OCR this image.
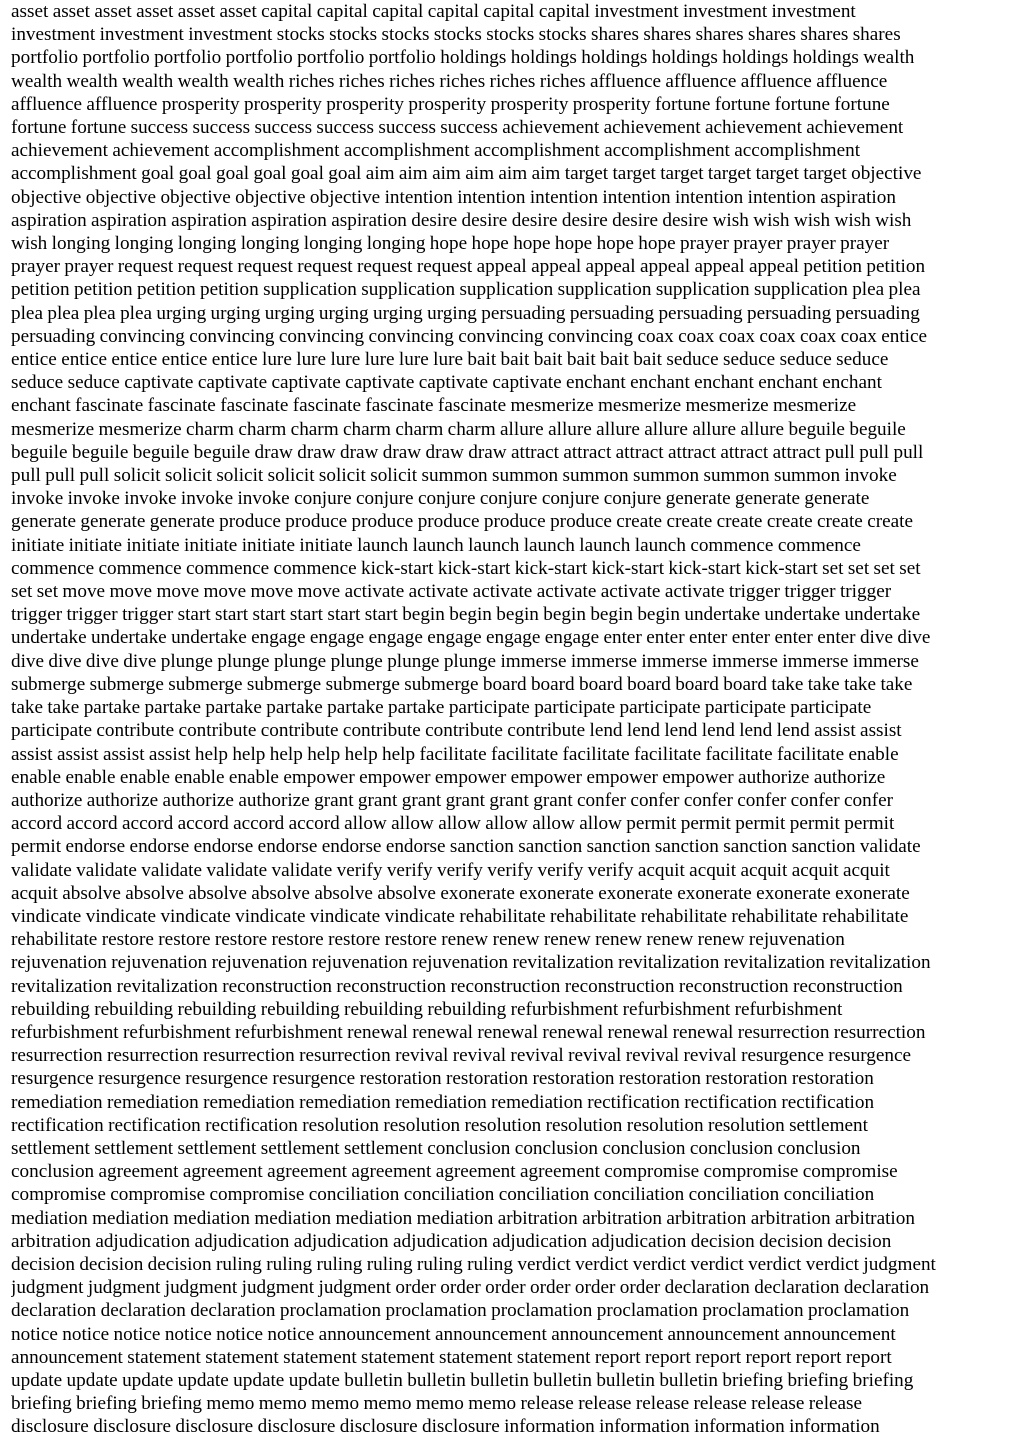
asset asset asset asset asset asset capital capital capital capital capital capital investment investment investment
investment investment investment stocks stocks stocks stocks stocks stocks shares shares shares shares shares shares
portfolio portfolio portfolio portfolio portfolio portfolio holdings holdings holdings holdings holdings holdings wealth
wealth wealth wealth wealth wealth riches riches riches riches riches riches affluence affluence affluence affluence
affluence affluence prosperity prosperity prosperity prosperity prosperity prosperity fortune fortune fortune fortune
fortune fortune success success success success success success achievement achievement achievement achievement
achievement achievement accomplishment accomplishment accomplishment accomplishment accomplishment
accomplishment goal goal goal goal goal goal aim aim aim aim aim aim target target target target target target objective
objective objective objective objective objective intention intention intention intention intention intention aspiration
aspiration aspiration aspiration aspiration aspiration desire desire desire desire desire desire wish wish wish wish wish
wish longing longing longing longing longing longing hope hope hope hope hope hope prayer prayer prayer prayer
prayer prayer request request request request request request appeal appeal appeal appeal appeal appeal petition petition
petition petition petition petition supplication supplication supplication supplication supplication supplication plea plea
plea plea plea plea urging urging urging urging urging urging persuading persuading persuading persuading persuading
persuading convincing convincing convincing convincing convincing convincing coax coax coax coax coax coax entice
entice entice entice entice entice lure lure lure lure lure lure bait bait bait bait bait bait seduce seduce seduce seduce
seduce seduce captivate captivate captivate captivate captivate captivate enchant enchant enchant enchant enchant
enchant fascinate fascinate fascinate fascinate fascinate fascinate mesmerize mesmerize mesmerize mesmerize
mesmerize mesmerize charm charm charm charm charm charm allure allure allure allure allure allure beguile beguile
beguile beguile beguile beguile draw draw draw draw draw draw attract attract attract attract attract attract pull pull pull
pull pull pull solicit solicit solicit solicit solicit solicit summon summon summon summon summon summon invoke
invoke invoke invoke invoke invoke conjure conjure conjure conjure conjure conjure generate generate generate
generate generate generate produce produce produce produce produce produce create create create create create create
initiate initiate initiate initiate initiate initiate launch launch launch launch launch launch commence commence
commence commence commence commence kick-start kick-start kick-start kick-start kick-start kick-start set set set set
set set move move move move move move activate activate activate activate activate activate trigger trigger trigger
trigger trigger trigger start start start start start start begin begin begin begin begin begin undertake undertake undertake
undertake undertake undertake engage engage engage engage engage engage enter enter enter enter enter enter dive dive
dive dive dive dive plunge plunge plunge plunge plunge plunge immerse immerse immerse immerse immerse immerse
submerge submerge submerge submerge submerge submerge board board board board board board take take take take
take take partake partake partake partake partake partake participate participate participate participate participate
participate contribute contribute contribute contribute contribute contribute lend lend lend lend lend lend assist assist
assist assist assist assist help help help help help help facilitate facilitate facilitate facilitate facilitate facilitate enable
enable enable enable enable enable empower empower empower empower empower empower authorize authorize
authorize authorize authorize authorize grant grant grant grant grant grant confer confer confer confer confer confer
accord accord accord accord accord accord allow allow allow allow allow allow permit permit permit permit permit
permit endorse endorse endorse endorse endorse endorse sanction sanction sanction sanction sanction sanction validate
validate validate validate validate validate verify verify verify verify verify verify acquit acquit acquit acquit acquit
acquit absolve absolve absolve absolve absolve absolve exonerate exonerate exonerate exonerate exonerate exonerate
vindicate vindicate vindicate vindicate vindicate vindicate rehabilitate rehabilitate rehabilitate rehabilitate rehabilitate
rehabilitate restore restore restore restore restore restore renew renew renew renew renew renew rejuvenation
rejuvenation rejuvenation rejuvenation rejuvenation rejuvenation revitalization revitalization revitalization revitalization
revitalization revitalization reconstruction reconstruction reconstruction reconstruction reconstruction reconstruction
rebuilding rebuilding rebuilding rebuilding rebuilding rebuilding refurbishment refurbishment refurbishment
refurbishment refurbishment refurbishment renewal renewal renewal renewal renewal renewal resurrection resurrection
resurrection resurrection resurrection resurrection revival revival revival revival revival revival resurgence resurgence
resurgence resurgence resurgence resurgence restoration restoration restoration restoration restoration restoration
remediation remediation remediation remediation remediation remediation rectification rectification rectification
rectification rectification rectification resolution resolution resolution resolution resolution resolution settlement
settlement settlement settlement settlement settlement conclusion conclusion conclusion conclusion conclusion
conclusion agreement agreement agreement agreement agreement agreement compromise compromise compromise
compromise compromise compromise conciliation conciliation conciliation conciliation conciliation conciliation
mediation mediation mediation mediation mediation mediation arbitration arbitration arbitration arbitration arbitration
arbitration adjudication adjudication adjudication adjudication adjudication adjudication decision decision decision
decision decision decision ruling ruling ruling ruling ruling ruling verdict verdict verdict verdict verdict verdict judgment
judgment judgment judgment judgment judgment order order order order order order declaration declaration declaration
declaration declaration declaration proclamation proclamation proclamation proclamation proclamation proclamation
notice notice notice notice notice notice announcement announcement announcement announcement announcement
announcement statement statement statement statement statement statement report report report report report report
update update update update update update bulletin bulletin bulletin bulletin bulletin bulletin briefing briefing briefing
briefing briefing briefing memo memo memo memo memo memo release release release release release release
disclosure disclosure disclosure disclosure disclosure disclosure information information information information
